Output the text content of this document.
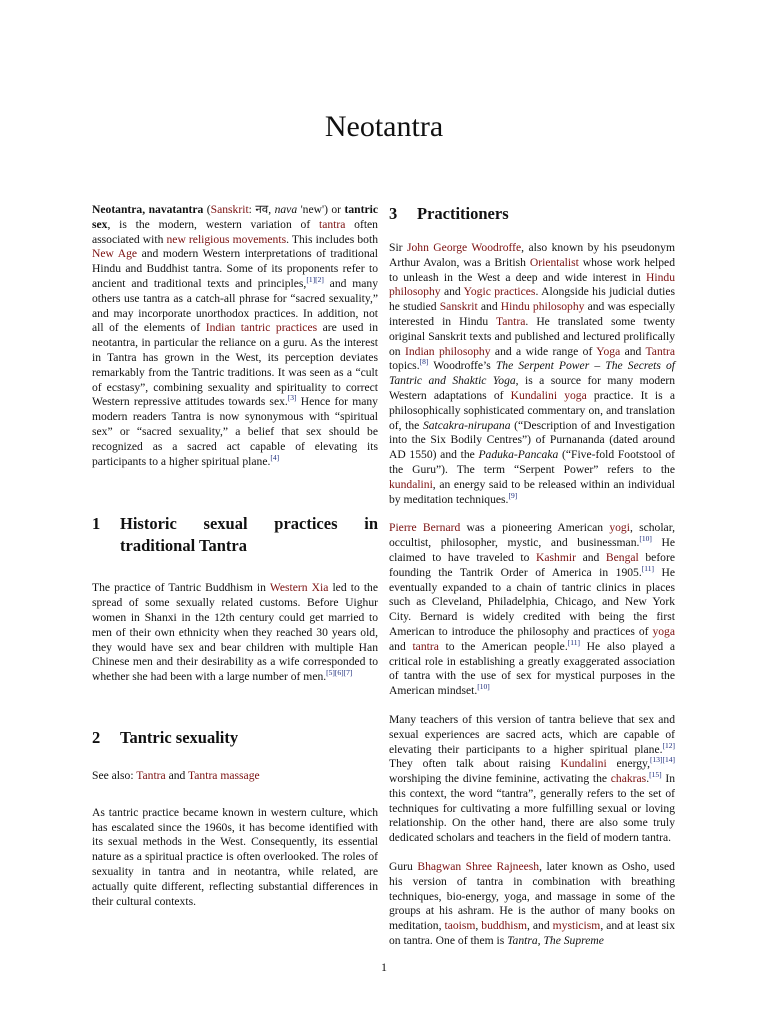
Neotantra

Neotantra, navatantra (Sanskrit: नव, nava 'new') or tantric sex, is the modern, western variation of tantra often associated with new religious movements. This includes both New Age and modern Western interpretations of traditional Hindu and Buddhist tantra. Some of its proponents refer to ancient and traditional texts and principles,[1][2] and many others use tantra as a catch-all phrase for “sacred sexuality,” and may incorporate unorthodox practices. In addition, not all of the elements of Indian tantric practices are used in neotantra, in particular the reliance on a guru. As the interest in Tantra has grown in the West, its perception deviates remarkably from the Tantric traditions. It was seen as a “cult of ecstasy”, combining sexuality and spirituality to correct Western repressive attitudes towards sex.[3] Hence for many modern readers Tantra is now synonymous with “spiritual sex” or “sacred sexuality,” a belief that sex should be recognized as a sacred act capable of elevating its participants to a higher spiritual plane.[4]

1	Historic sexual practices in traditional Tantra

The practice of Tantric Buddhism in Western Xia led to the spread of some sexually related customs. Before Uighur women in Shanxi in the 12th century could get married to men of their own ethnicity when they reached 30 years old, they would have sex and bear children with multiple Han Chinese men and their desirability as a wife corresponded to whether she had been with a large number of men.[5][6][7]

2	Tantric sexuality

See also: Tantra and Tantra massage

As tantric practice became known in western culture, which has escalated since the 1960s, it has become identified with its sexual methods in the West. Consequently, its essential nature as a spiritual practice is often overlooked. The roles of sexuality in tantra and in neotantra, while related, are actually quite different, reflecting substantial differences in their cultural contexts.

3	Practitioners

Sir John George Woodroffe, also known by his pseudonym Arthur Avalon, was a British Orientalist whose work helped to unleash in the West a deep and wide interest in Hindu philosophy and Yogic practices. Alongside his judicial duties he studied Sanskrit and Hindu philosophy and was especially interested in Hindu Tantra. He translated some twenty original Sanskrit texts and published and lectured prolifically on Indian philosophy and a wide range of Yoga and Tantra topics.[8] Woodroffe’s The Serpent Power – The Secrets of Tantric and Shaktic Yoga, is a source for many modern Western adaptations of Kundalini yoga practice. It is a philosophically sophisticated commentary on, and translation of, the Satcakra-nirupana (“Description of and Investigation into the Six Bodily Centres”) of Purnananda (dated around AD 1550) and the Paduka-Pancaka (“Five-fold Footstool of the Guru”). The term “Serpent Power” refers to the kundalini, an energy said to be released within an individual by meditation techniques.[9]

Pierre Bernard was a pioneering American yogi, scholar, occultist, philosopher, mystic, and businessman.[10] He claimed to have traveled to Kashmir and Bengal before founding the Tantrik Order of America in 1905.[11] He eventually expanded to a chain of tantric clinics in places such as Cleveland, Philadelphia, Chicago, and New York City. Bernard is widely credited with being the first American to introduce the philosophy and practices of yoga and tantra to the American people.[11] He also played a critical role in establishing a greatly exaggerated association of tantra with the use of sex for mystical purposes in the American mindset.[10]

Many teachers of this version of tantra believe that sex and sexual experiences are sacred acts, which are capable of elevating their participants to a higher spiritual plane.[12] They often talk about raising Kundalini energy,[13][14] worshiping the divine feminine, activating the chakras.[15] In this context, the word “tantra”, generally refers to the set of techniques for cultivating a more fulfilling sexual or loving relationship. On the other hand, there are also some truly dedicated scholars and teachers in the field of modern tantra.

Guru Bhagwan Shree Rajneesh, later known as Osho, used his version of tantra in combination with breathing techniques, bio-energy, yoga, and massage in some of the groups at his ashram. He is the author of many books on meditation, taoism, buddhism, and mysticism, and at least six on tantra. One of them is Tantra, The Supreme

1
